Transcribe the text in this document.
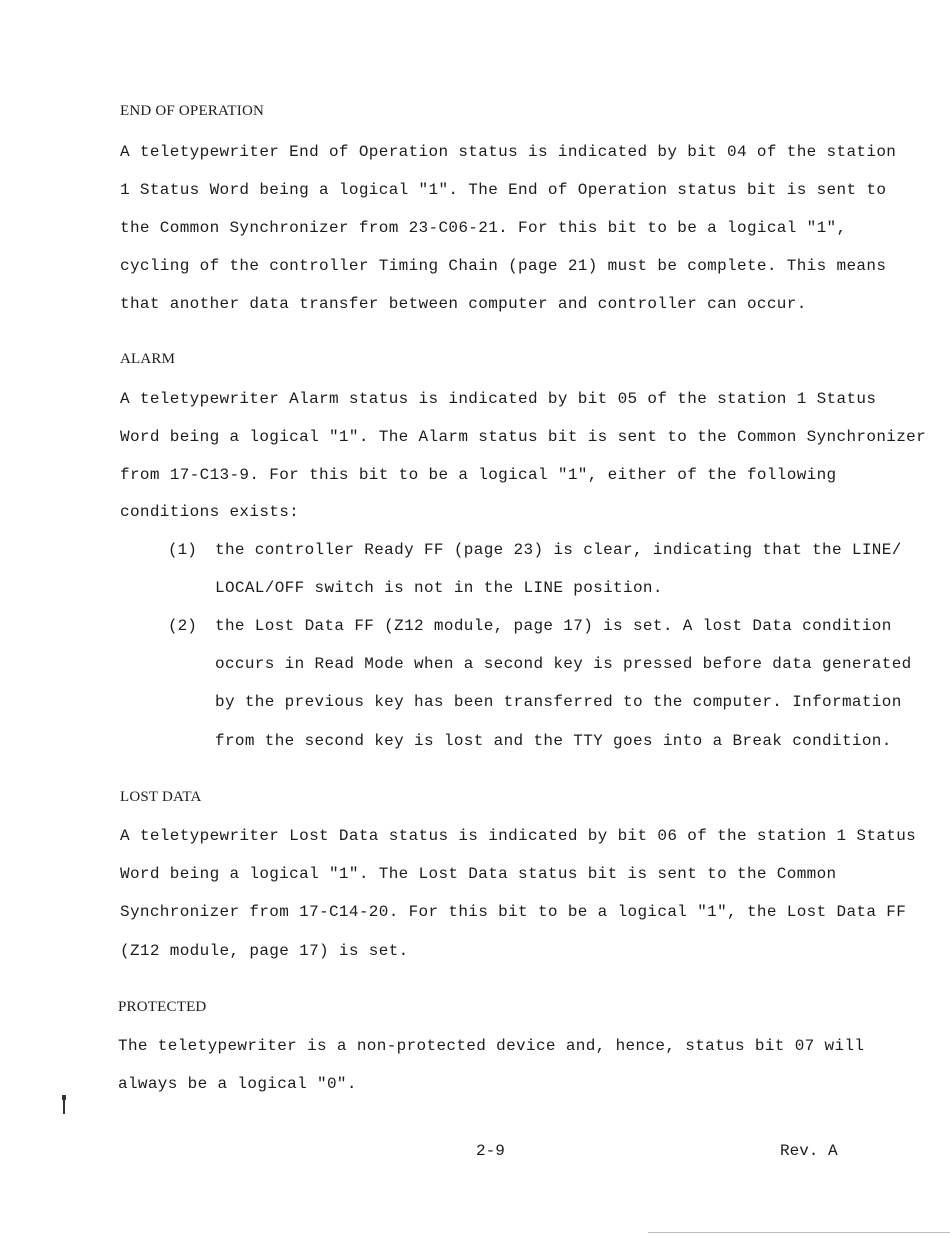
END OF OPERATION
A teletypewriter End of Operation status is indicated by bit 04 of the station
1 Status Word being a logical "1". The End of Operation status bit is sent to
the Common Synchronizer from 23-C06-21. For this bit to be a logical "1",
cycling of the controller Timing Chain (page 21) must be complete. This means
that another data transfer between computer and controller can occur.
ALARM
A teletypewriter Alarm status is indicated by bit 05 of the station 1 Status
Word being a logical "1". The Alarm status bit is sent to the Common Synchronizer
from 17-C13-9. For this bit to be a logical "1", either of the following
conditions exists:
(1) the controller Ready FF (page 23) is clear, indicating that the LINE/
LOCAL/OFF switch is not in the LINE position.
(2) the Lost Data FF (Z12 module, page 17) is set. A lost Data condition
occurs in Read Mode when a second key is pressed before data generated
by the previous key has been transferred to the computer. Information
from the second key is lost and the TTY goes into a Break condition.
LOST DATA
A teletypewriter Lost Data status is indicated by bit 06 of the station 1 Status
Word being a logical "1". The Lost Data status bit is sent to the Common
Synchronizer from 17-C14-20. For this bit to be a logical "1", the Lost Data FF
(Z12 module, page 17) is set.
PROTECTED
The teletypewriter is a non-protected device and, hence, status bit 07 will
always be a logical "0".
2-9	Rev. A
